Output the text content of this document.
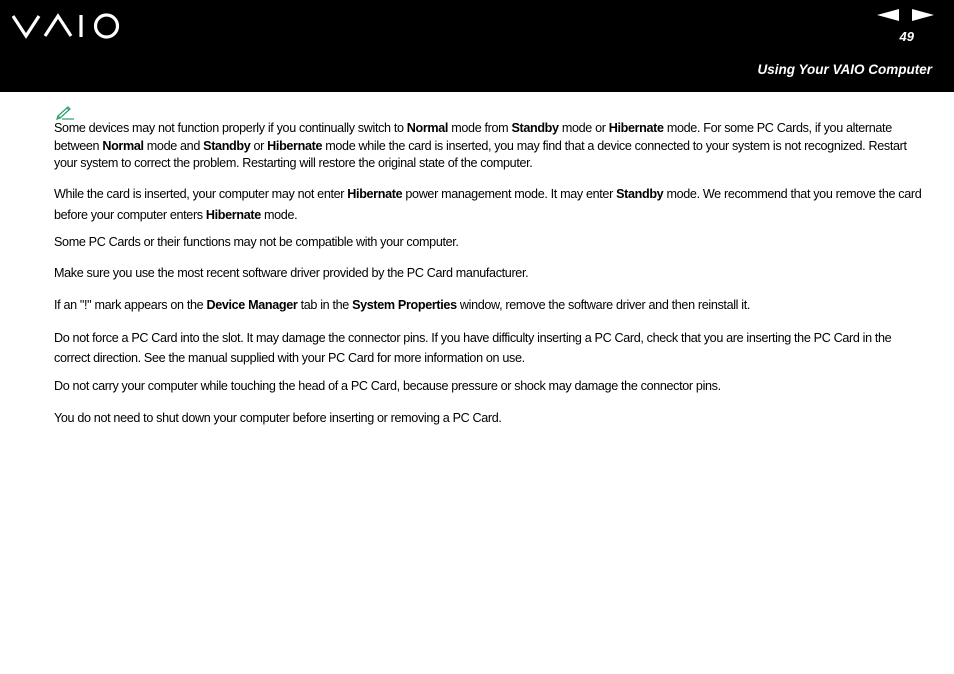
49
Using Your VAIO Computer

Some devices may not function properly if you continually switch to Normal mode from Standby mode or Hibernate mode. For some PC Cards, if you alternate between Normal mode and Standby or Hibernate mode while the card is inserted, you may find that a device connected to your system is not recognized. Restart your system to correct the problem. Restarting will restore the original state of the computer.

While the card is inserted, your computer may not enter Hibernate power management mode. It may enter Standby mode. We recommend that you remove the card before your computer enters Hibernate mode.

Some PC Cards or their functions may not be compatible with your computer.

Make sure you use the most recent software driver provided by the PC Card manufacturer.

If an "!" mark appears on the Device Manager tab in the System Properties window, remove the software driver and then reinstall it.

Do not force a PC Card into the slot. It may damage the connector pins. If you have difficulty inserting a PC Card, check that you are inserting the PC Card in the correct direction. See the manual supplied with your PC Card for more information on use.

Do not carry your computer while touching the head of a PC Card, because pressure or shock may damage the connector pins.

You do not need to shut down your computer before inserting or removing a PC Card.
